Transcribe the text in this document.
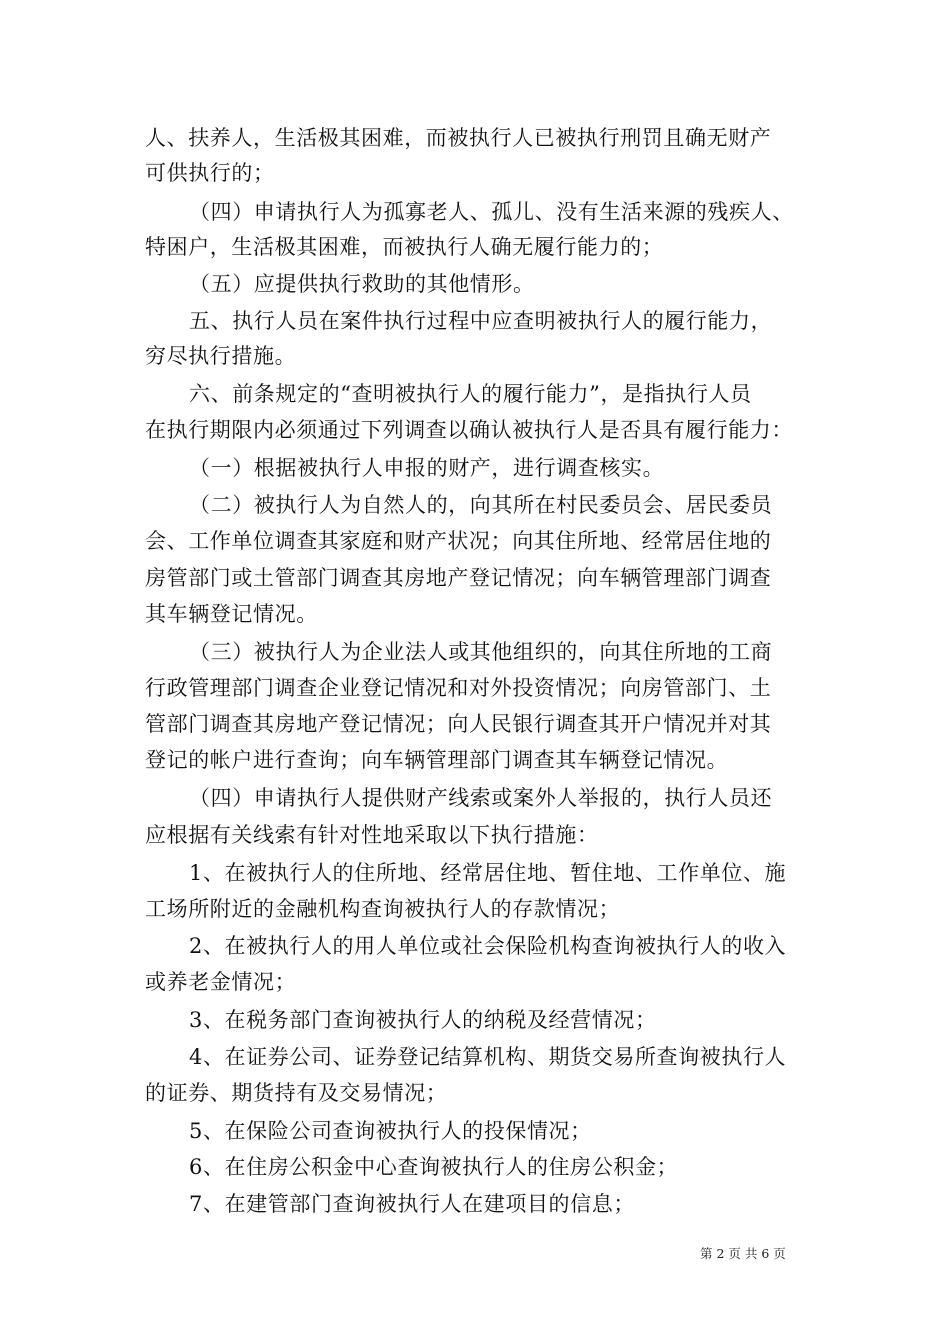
人、扶养人，生活极其困难，而被执行人已被执行刑罚且确无财产
可供执行的；
（四）申请执行人为孤寡老人、孤儿、没有生活来源的残疾人、
特困户，生活极其困难，而被执行人确无履行能力的；
（五）应提供执行救助的其他情形。
五、执行人员在案件执行过程中应查明被执行人的履行能力，
穷尽执行措施。
六、前条规定的“查明被执行人的履行能力”，是指执行人员
在执行期限内必须通过下列调查以确认被执行人是否具有履行能力：
（一）根据被执行人申报的财产，进行调查核实。
（二）被执行人为自然人的，向其所在村民委员会、居民委员
会、工作单位调查其家庭和财产状况；向其住所地、经常居住地的
房管部门或土管部门调查其房地产登记情况；向车辆管理部门调查
其车辆登记情况。
（三）被执行人为企业法人或其他组织的，向其住所地的工商
行政管理部门调查企业登记情况和对外投资情况；向房管部门、土
管部门调查其房地产登记情况；向人民银行调查其开户情况并对其
登记的帐户进行查询；向车辆管理部门调查其车辆登记情况。
（四）申请执行人提供财产线索或案外人举报的，执行人员还
应根据有关线索有针对性地采取以下执行措施：
1、在被执行人的住所地、经常居住地、暂住地、工作单位、施
工场所附近的金融机构查询被执行人的存款情况；
2、在被执行人的用人单位或社会保险机构查询被执行人的收入
或养老金情况；
3、在税务部门查询被执行人的纳税及经营情况；
4、在证券公司、证券登记结算机构、期货交易所查询被执行人
的证券、期货持有及交易情况；
5、在保险公司查询被执行人的投保情况；
6、在住房公积金中心查询被执行人的住房公积金；
7、在建管部门查询被执行人在建项目的信息；
第 2 页 共 6 页
